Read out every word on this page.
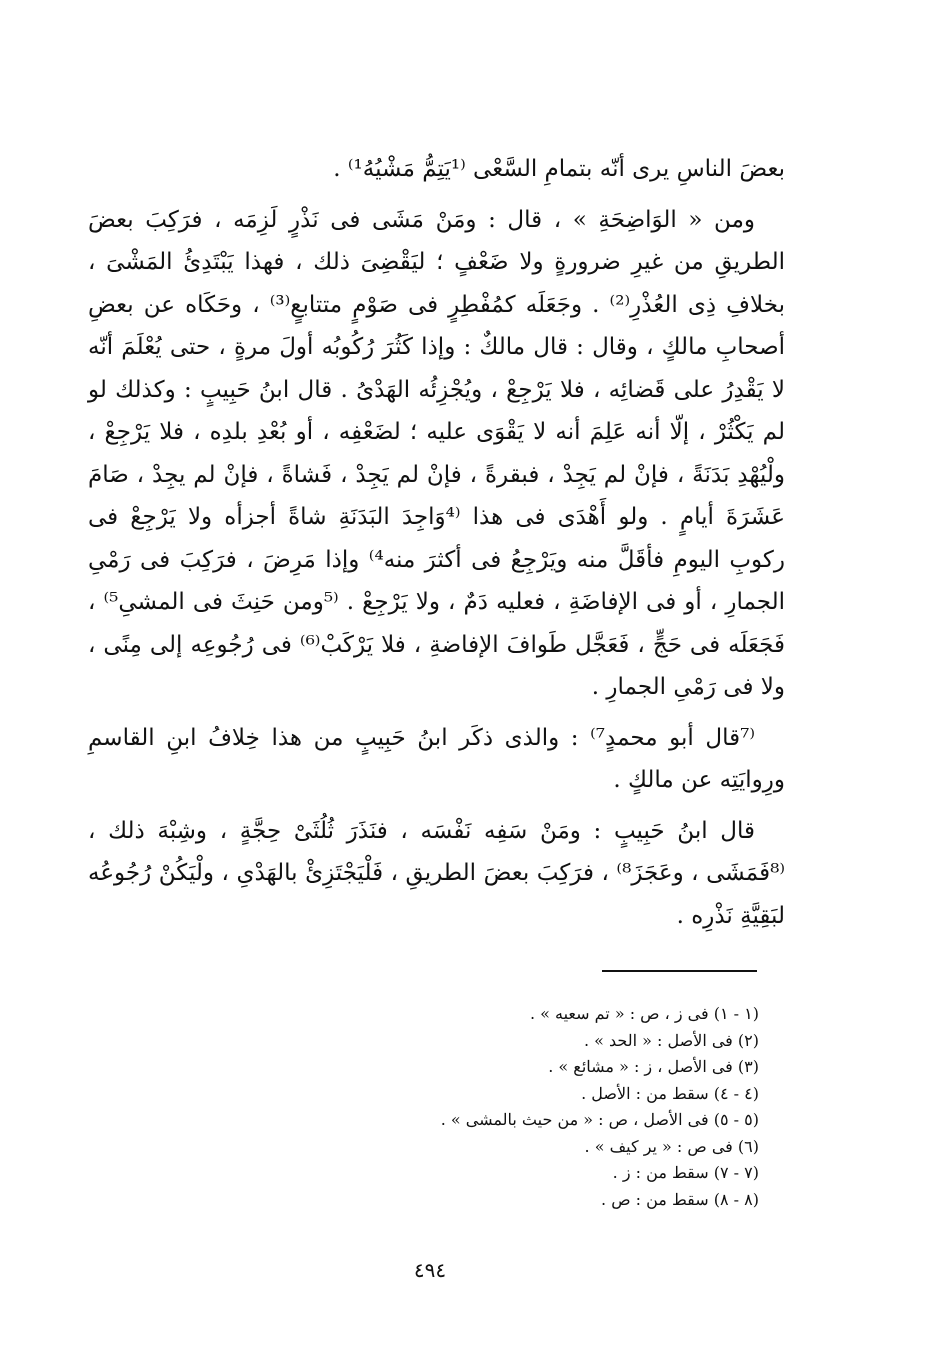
بعضَ الناسِ يرى أنّه بتمامِ السَّعْى ⁽¹يَتِمُّ مَشْيُهُ¹⁾ .

ومن « الوَاضِحَةِ » ، قال : ومَنْ مَشَى فى نَذْرٍ لَزِمَه ، فرَكِبَ بعضَ الطريقِ من غيرِ ضرورةٍ ولا ضَعْفٍ ؛ ليَقْضِىَ ذلك ، فهذا يَبْتَدِئُ المَشْىَ ، بخلافِ ذِى العُذْرِ⁽²⁾ . وجَعَلَه كمُفْطِرٍ فى صَوْمٍ متتابعٍ⁽³⁾ ، وحَكَاه عن بعضِ أصحابِ مالكٍ ، وقال : قال مالكٌ : وإذا كَثُرَ رُكُوبُه أولَ مرةٍ ، حتى يُعْلَمَ أنّه لا يَقْدِرُ على قَضائِه ، فلا يَرْجِعْ ، ويُجْزِئُه الهَدْىُ . قال ابنُ حَبِيبٍ : وكذلك لو لم يَكْثُرْ ، إلّا أنه عَلِمَ أنه لا يَقْوَى عليه ؛ لضَعْفِه ، أو بُعْدِ بلدِه ، فلا يَرْجِعْ ، ولْيُهْدِ بَدَنَةً ، فإنْ لم يَجِدْ ، فبقرةً ، فإنْ لم يَجِدْ ، فَشاةً ، فإنْ لم يجِدْ ، صَامَ عَشَرَةَ أيامٍ . ولو أَهْدَى فى هذا ⁽⁴وَاجِدَ البَدَنَةِ شاةً أجزأه ولا يَرْجِعْ فى ركوبِ اليومِ فأقَلَّ منه ويَرْجِعُ فى أكثرَ منه⁴⁾ وإذا مَرِضَ ، فرَكِبَ فى رَمْىِ الجمارِ ، أو فى الإفاضَةِ ، فعليه دَمٌ ، ولا يَرْجِعْ . ⁽⁵ومن حَنِثَ فى المشىِ⁵⁾ ، فَجَعَلَه فى حَجٍّ ، فَعَجَّل طَوافَ الإفاضةِ ، فلا يَرْكَبْ⁽⁶⁾ فى رُجُوعِه إلى مِنًى ، ولا فى رَمْىِ الجمارِ .

⁽⁷قال أبو محمدٍ⁷⁾ : والذى ذكَر ابنُ حَبِيبٍ من هذا خِلافُ ابنِ القاسمِ ورِوايَتِه عن مالكٍ .

قال ابنُ حَبِيبٍ : ومَنْ سَفِه نَفْسَه ، فنَذَرَ ثُلُثَىْ حِجَّةٍ ، وشِبْهَ ذلك ، ⁽⁸فَمَشَى ، وعَجَزَ⁸⁾ ، فرَكِبَ بعضَ الطريقِ ، فَلْيَجْتَزِئْ بالهَدْىِ ، ولْيَكُنْ رُجُوعُه لبَقِيَّةِ نَذْرِه .

(١ - ١) فى ز ، ص : « تم سعيه » .
(٢) فى الأصل : « الحد » .
(٣) فى الأصل ، ز : « مشائع » .
(٤ - ٤) سقط من : الأصل .
(٥ - ٥) فى الأصل ، ص : « من حيث بالمشى » .
(٦) فى ص : « ير كيف » .
(٧ - ٧) سقط من : ز .
(٨ - ٨) سقط من : ص .
٤٩٤
